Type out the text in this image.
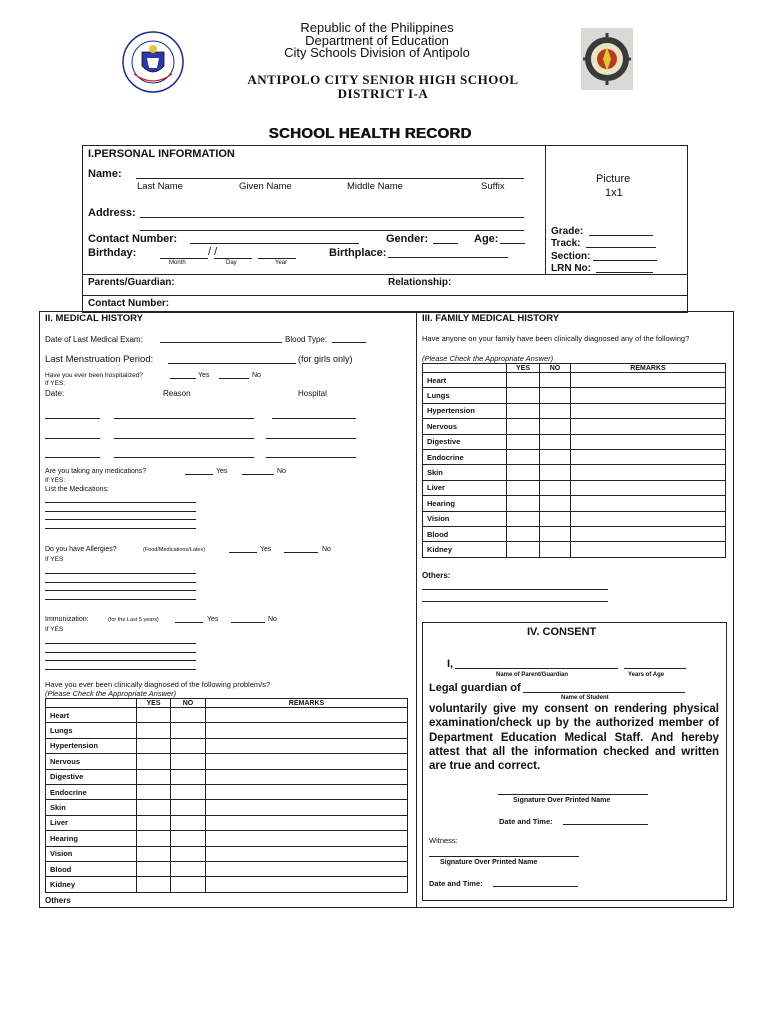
Republic of the Philippines
Department of Education
City Schools Division of Antipolo
ANTIPOLO CITY SENIOR HIGH SCHOOL
DISTRICT I-A
SCHOOL HEALTH RECORD
I.PERSONAL INFORMATION
Name:
Last Name	Given Name	Middle Name	Suffix
Address:
Contact Number:	Gender:	Age:
Birthday:	/ /
Month	Day	Year
Birthplace:
Picture
1x1
Grade:
Track:
Section:
LRN No:
Parents/Guardian:	Relationship:
Contact Number:
II. MEDICAL HISTORY
Date of Last Medical Exam:	Blood Type:
Last Menstruation Period:	(for girls only)
Have you ever been hospitalized?	Yes	No
If YES:
Date:	Reason	Hospital
Are you taking any medications?	Yes	No
If YES:
List the Medications:
Do you have Allergies?	(Food/Medications/Latex)	Yes	No
If YES
Immunization:	(for the Last 5 years)	Yes	No
If YES
Have you ever been clinically diagnosed of the following problem/s?
(Please Check the Appropriate Answer)
	YES	NO	REMARKS
Heart			
Lungs			
Hypertension			
Nervous			
Digestive			
Endocrine			
Skin			
Liver			
Hearing			
Vision			
Blood			
Kidney			
Others
III. FAMILY MEDICAL HISTORY
Have anyone on your family have been clinically diagnosed any of the following?
(Please Check the Appropriate Answer)
	YES	NO	REMARKS
Heart			
Lungs			
Hypertension			
Nervous			
Digestive			
Endocrine			
Skin			
Liver			
Hearing			
Vision			
Blood			
Kidney			
Others:
IV. CONSENT
I,
Name of Parent/Guardian	Years of Age
Legal guardian of
Name of Student
voluntarily give my consent on rendering physical examination/check up by the authorized member of Department Education Medical Staff. And hereby attest that all the information checked and written are true and correct.
Signature Over Printed Name
Date and Time:
Witness:
Signature Over Printed Name
Date and Time:
